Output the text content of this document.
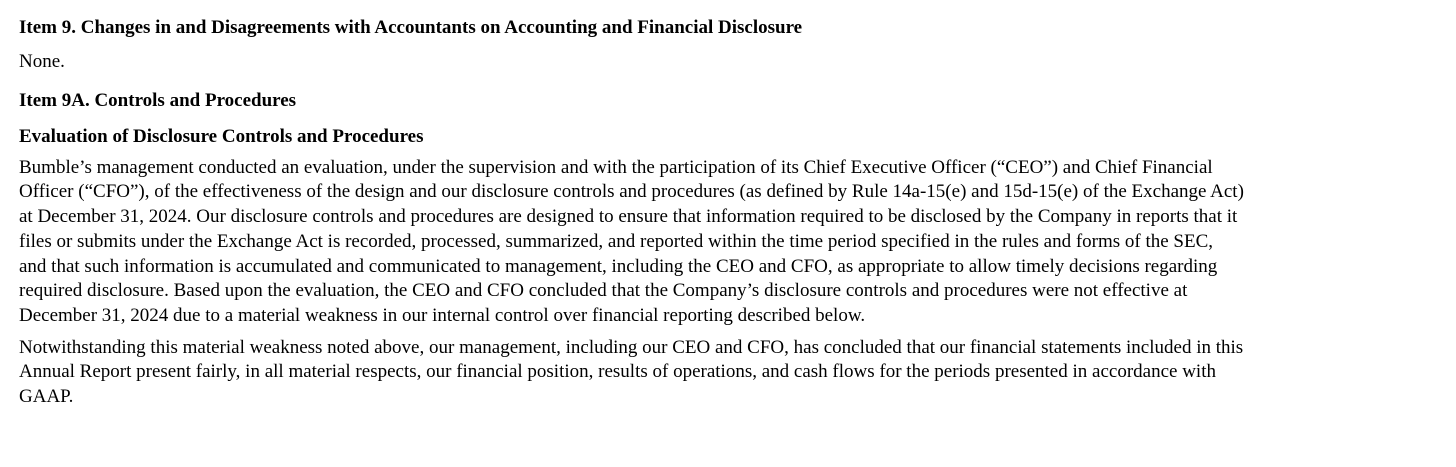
Item 9. Changes in and Disagreements with Accountants on Accounting and Financial Disclosure

None.

Item 9A. Controls and Procedures

Evaluation of Disclosure Controls and Procedures

Bumble’s management conducted an evaluation, under the supervision and with the participation of its Chief Executive Officer (“CEO”) and Chief Financial
Officer (“CFO”), of the effectiveness of the design and our disclosure controls and procedures (as defined by Rule 14a-15(e) and 15d-15(e) of the Exchange Act)
at December 31, 2024. Our disclosure controls and procedures are designed to ensure that information required to be disclosed by the Company in reports that it
files or submits under the Exchange Act is recorded, processed, summarized, and reported within the time period specified in the rules and forms of the SEC,
and that such information is accumulated and communicated to management, including the CEO and CFO, as appropriate to allow timely decisions regarding
required disclosure. Based upon the evaluation, the CEO and CFO concluded that the Company’s disclosure controls and procedures were not effective at
December 31, 2024 due to a material weakness in our internal control over financial reporting described below.

Notwithstanding this material weakness noted above, our management, including our CEO and CFO, has concluded that our financial statements included in this
Annual Report present fairly, in all material respects, our financial position, results of operations, and cash flows for the periods presented in accordance with
GAAP.
